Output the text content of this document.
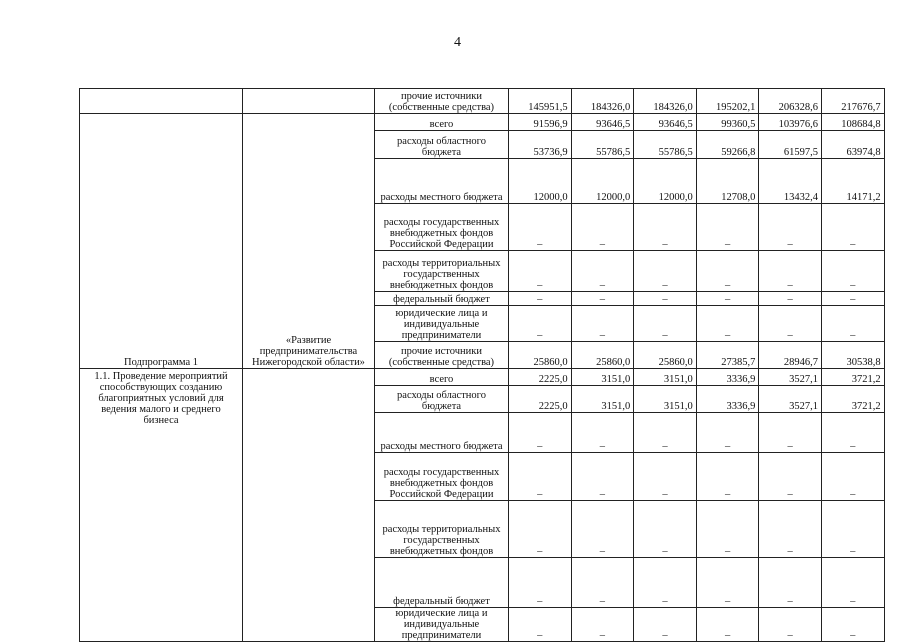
4
		прочие источники (собственные средства)	145951,5	184326,0	184326,0	195202,1	206328,6	217676,7
Подпрограмма 1	«Развитие предпринимательства Нижегородской области»	всего	91596,9	93646,5	93646,5	99360,5	103976,6	108684,8
		расходы областного бюджета	53736,9	55786,5	55786,5	59266,8	61597,5	63974,8
		расходы местного бюджета	12000,0	12000,0	12000,0	12708,0	13432,4	14171,2
		расходы государственных внебюджетных фондов Российской Федерации	–	–	–	–	–	–
		расходы территориальных государственных внебюджетных фондов	–	–	–	–	–	–
		федеральный бюджет	–	–	–	–	–	–
		юридические лица и индивидуальные предприниматели	–	–	–	–	–	–
		прочие источники (собственные средства)	25860,0	25860,0	25860,0	27385,7	28946,7	30538,8
1.1. Проведение мероприятий способствующих созданию благоприятных условий для ведения малого и среднего бизнеса		всего	2225,0	3151,0	3151,0	3336,9	3527,1	3721,2
		расходы областного бюджета	2225,0	3151,0	3151,0	3336,9	3527,1	3721,2
		расходы местного бюджета	–	–	–	–	–	–
		расходы государственных внебюджетных фондов Российской Федерации	–	–	–	–	–	–
		расходы территориальных государственных внебюджетных фондов	–	–	–	–	–	–
		федеральный бюджет	–	–	–	–	–	–
		юридические лица и индивидуальные предприниматели	–	–	–	–	–	–
